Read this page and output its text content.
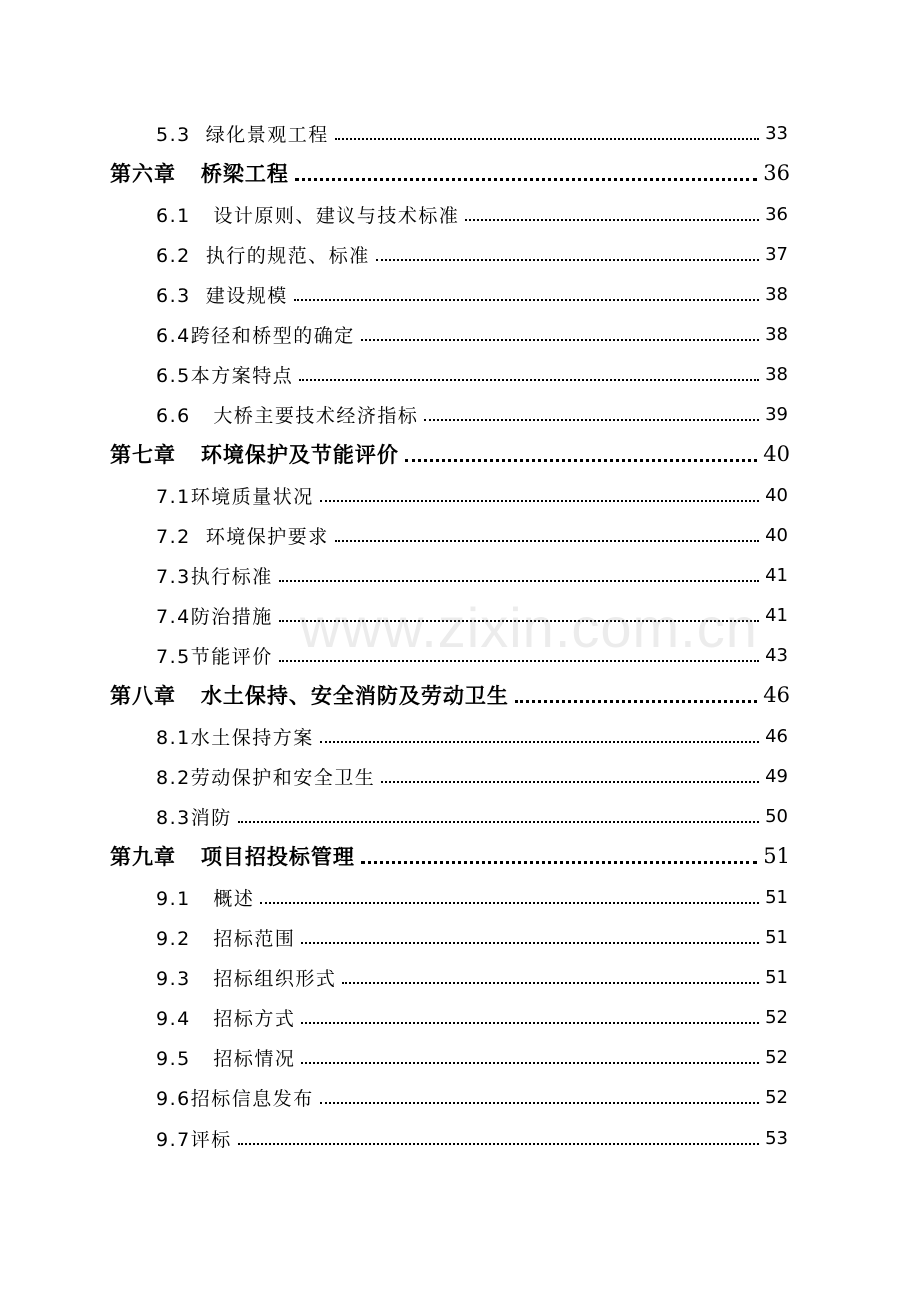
5.3  绿化景观工程	33
第六章   桥梁工程	36
6.1   设计原则、建议与技术标准	36
6.2  执行的规范、标准	37
6.3  建设规模	38
6.4跨径和桥型的确定	38
6.5本方案特点	38
6.6   大桥主要技术经济指标	39
第七章   环境保护及节能评价	40
7.1环境质量状况	40
7.2  环境保护要求	40
7.3执行标准	41
7.4防治措施	41
7.5节能评价	43
第八章   水土保持、安全消防及劳动卫生	46
8.1水土保持方案	46
8.2劳动保护和安全卫生	49
8.3消防	50
第九章   项目招投标管理	51
9.1   概述	51
9.2   招标范围	51
9.3   招标组织形式	51
9.4   招标方式	52
9.5   招标情况	52
9.6招标信息发布	52
9.7评标	53
www.zixin.com.cn
